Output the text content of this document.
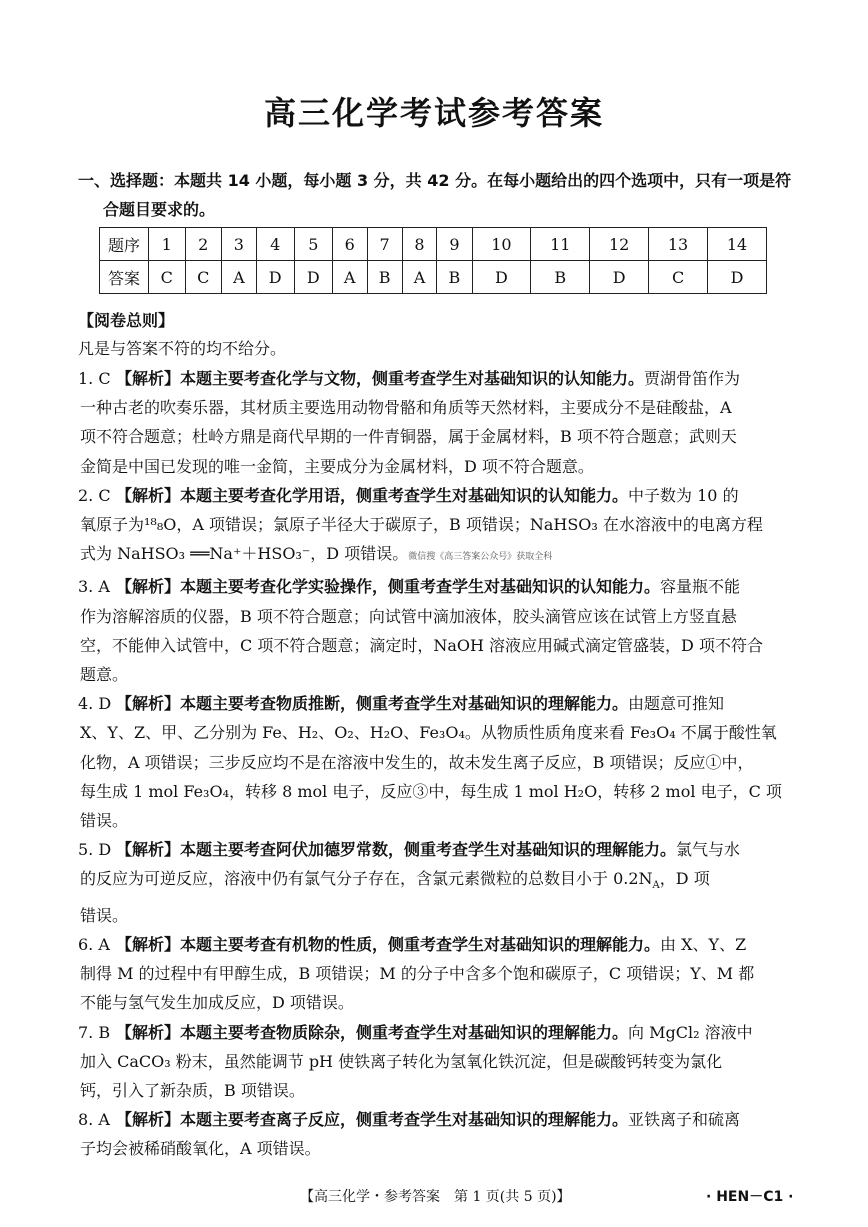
高三化学考试参考答案
一、选择题：本题共 14 小题，每小题 3 分，共 42 分。在每小题给出的四个选项中，只有一项是符
合题目要求的。
题序	1	2	3	4	5	6	7	8	9	10	11	12	13	14
答案	C	C	A	D	D	A	B	A	B	D	B	D	C	D
【阅卷总则】
凡是与答案不符的均不给分。
1. C 【解析】本题主要考查化学与文物，侧重考查学生对基础知识的认知能力。贾湖骨笛作为
一种古老的吹奏乐器，其材质主要选用动物骨骼和角质等天然材料，主要成分不是硅酸盐，A
项不符合题意；杜岭方鼎是商代早期的一件青铜器，属于金属材料，B 项不符合题意；武则天
金简是中国已发现的唯一金简，主要成分为金属材料，D 项不符合题意。
2. C 【解析】本题主要考查化学用语，侧重考查学生对基础知识的认知能力。中子数为 10 的
氧原子为¹⁸₈O，A 项错误；氯原子半径大于碳原子，B 项错误；NaHSO₃ 在水溶液中的电离方程
式为 NaHSO₃ ══Na⁺＋HSO₃⁻，D 项错误。微信搜《高三答案公众号》获取全科
3. A 【解析】本题主要考查化学实验操作，侧重考查学生对基础知识的认知能力。容量瓶不能
作为溶解溶质的仪器，B 项不符合题意；向试管中滴加液体，胶头滴管应该在试管上方竖直悬
空，不能伸入试管中，C 项不符合题意；滴定时，NaOH 溶液应用碱式滴定管盛装，D 项不符合
题意。
4. D 【解析】本题主要考查物质推断，侧重考查学生对基础知识的理解能力。由题意可推知
X、Y、Z、甲、乙分别为 Fe、H₂、O₂、H₂O、Fe₃O₄。从物质性质角度来看 Fe₃O₄ 不属于酸性氧
化物，A 项错误；三步反应均不是在溶液中发生的，故未发生离子反应，B 项错误；反应①中，
每生成 1 mol Fe₃O₄，转移 8 mol 电子，反应③中，每生成 1 mol H₂O，转移 2 mol 电子，C 项
错误。
5. D 【解析】本题主要考查阿伏加德罗常数，侧重考查学生对基础知识的理解能力。氯气与水
的反应为可逆反应，溶液中仍有氯气分子存在，含氯元素微粒的总数目小于 $0.2N_A$，D 项
错误。
6. A 【解析】本题主要考查有机物的性质，侧重考查学生对基础知识的理解能力。由 X、Y、Z
制得 M 的过程中有甲醇生成，B 项错误；M 的分子中含多个饱和碳原子，C 项错误；Y、M 都
不能与氢气发生加成反应，D 项错误。
7. B 【解析】本题主要考查物质除杂，侧重考查学生对基础知识的理解能力。向 MgCl₂ 溶液中
加入 CaCO₃ 粉末，虽然能调节 pH 使铁离子转化为氢氧化铁沉淀，但是碳酸钙转变为氯化
钙，引入了新杂质，B 项错误。
8. A 【解析】本题主要考查离子反应，侧重考查学生对基础知识的理解能力。亚铁离子和硫离
子均会被稀硝酸氧化，A 项错误。
【高三化学・参考答案　第 1 页(共 5 页)】	· HEN－C1 ·
